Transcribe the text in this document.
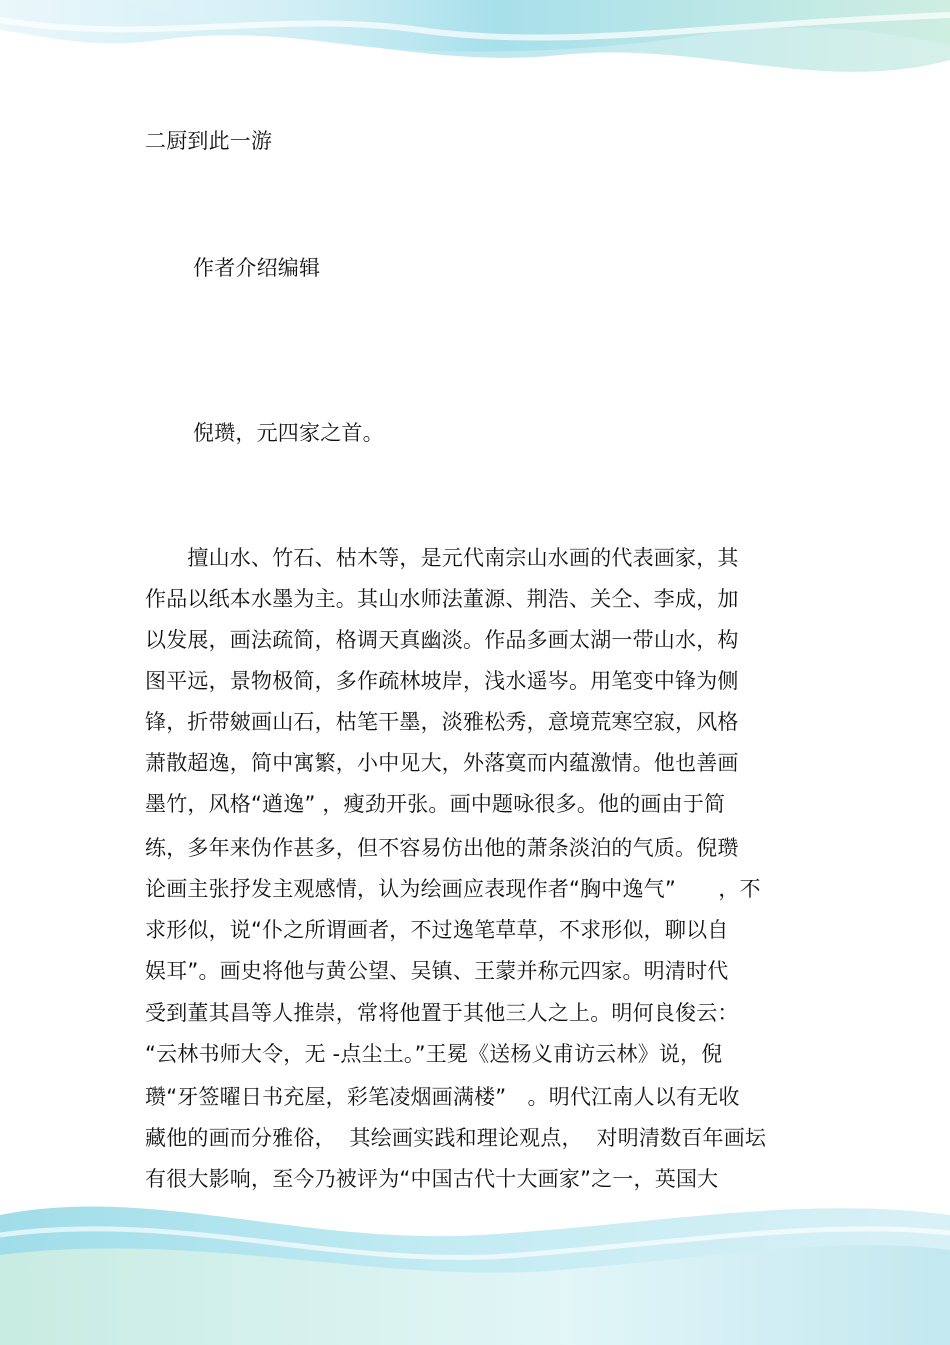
二厨到此一游
作者介绍编辑
倪瓒，元四家之首。
　　擅山水、竹石、枯木等，是元代南宗山水画的代表画家，其
作品以纸本水墨为主。其山水师法董源、荆浩、关仝、李成，加
以发展，画法疏简，格调天真幽淡。作品多画太湖一带山水，构
图平远，景物极简，多作疏林坡岸，浅水遥岑。用笔变中锋为侧
锋，折带皴画山石，枯笔干墨，淡雅松秀，意境荒寒空寂，风格
萧散超逸，简中寓繁，小中见大，外落寞而内蕴激情。他也善画
墨竹，风格“遒逸” ，瘦劲开张。画中题咏很多。他的画由于简
练，多年来伪作甚多，但不容易仿出他的萧条淡泊的气质。倪瓒
论画主张抒发主观感情，认为绘画应表现作者“胸中逸气”　　，不
求形似，说“仆之所谓画者，不过逸笔草草，不求形似，聊以自
娱耳”。画史将他与黄公望、吴镇、王蒙并称元四家。明清时代
受到董其昌等人推崇，常将他置于其他三人之上。明何良俊云：
“云林书师大令，无 -点尘土。”王冕《送杨义甫访云林》说，倪
瓒“牙签曜日书充屋，彩笔凌烟画满楼”　。明代江南人以有无收
藏他的画而分雅俗，  其绘画实践和理论观点，  对明清数百年画坛
有很大影响，至今乃被评为“中国古代十大画家”之一，英国大
